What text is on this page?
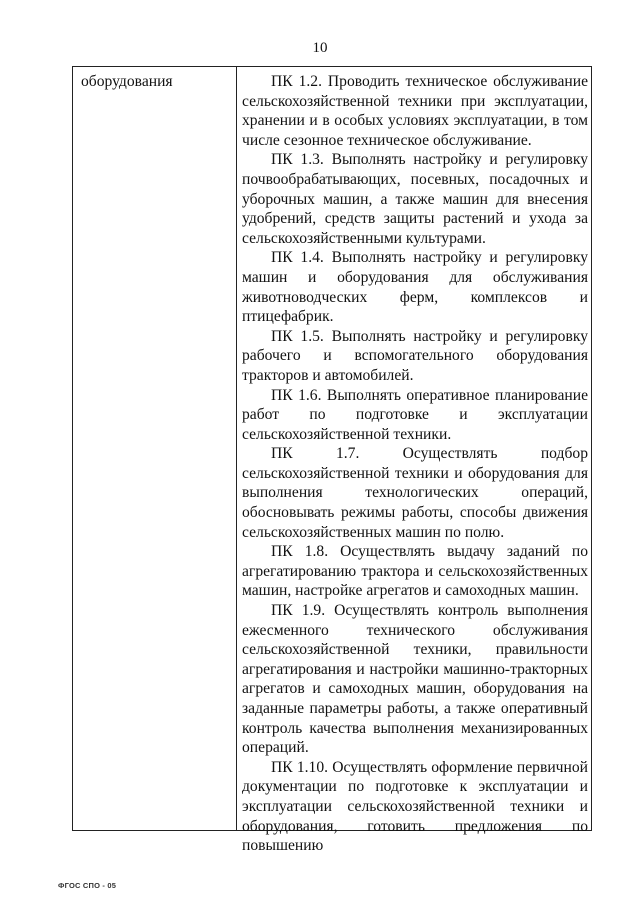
10
оборудования	ПК 1.2. Проводить техническое обслуживание сельскохозяйственной техники при эксплуатации, хранении и в особых условиях эксплуатации, в том числе сезонное техническое обслуживание.

ПК 1.3. Выполнять настройку и регулировку почвообрабатывающих, посевных, посадочных и уборочных машин, а также машин для внесения удобрений, средств защиты растений и ухода за сельскохозяйственными культурами.

ПК 1.4. Выполнять настройку и регулировку машин и оборудования для обслуживания животноводческих ферм, комплексов и птицефабрик.

ПК 1.5. Выполнять настройку и регулировку рабочего и вспомогательного оборудования тракторов и автомобилей.

ПК 1.6. Выполнять оперативное планирование работ по подготовке и эксплуатации сельскохозяйственной техники.

ПК 1.7. Осуществлять подбор сельскохозяйственной техники и оборудования для выполнения технологических операций, обосновывать режимы работы, способы движения сельскохозяйственных машин по полю.

ПК 1.8. Осуществлять выдачу заданий по агрегатированию трактора и сельскохозяйственных машин, настройке агрегатов и самоходных машин.

ПК 1.9. Осуществлять контроль выполнения ежесменного технического обслуживания сельскохозяйственной техники, правильности агрегатирования и настройки машинно-тракторных агрегатов и самоходных машин, оборудования на заданные параметры работы, а также оперативный контроль качества выполнения механизированных операций.

ПК 1.10. Осуществлять оформление первичной документации по подготовке к эксплуатации и эксплуатации сельскохозяйственной техники и оборудования, готовить предложения по повышению

ФГОС СПО - 05
